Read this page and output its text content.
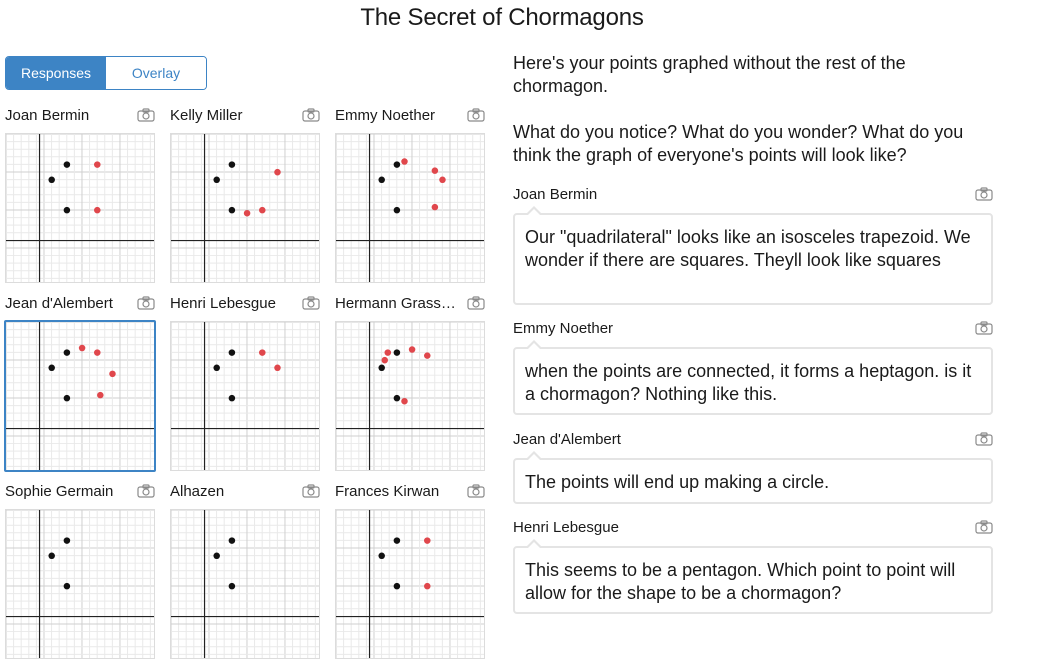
The Secret of Chormagons
Responses	Overlay
Joan Bermin	Kelly Miller	Emmy Noether
Jean d'Alembert	Henri Lebesgue	Hermann Grass…
Sophie Germain	Alhazen	Frances Kirwan

Here's your points graphed without the rest of the chormagon.

What do you notice? What do you wonder? What do you think the graph of everyone's points will look like?

Joan Bermin
Our "quadrilateral" looks like an isosceles trapezoid. We wonder if there are squares. Theyll look like squares
Emmy Noether
when the points are connected, it forms a heptagon. is it a chormagon? Nothing like this.
Jean d'Alembert
The points will end up making a circle.
Henri Lebesgue
This seems to be a pentagon. Which point to point will allow for the shape to be a chormagon?
